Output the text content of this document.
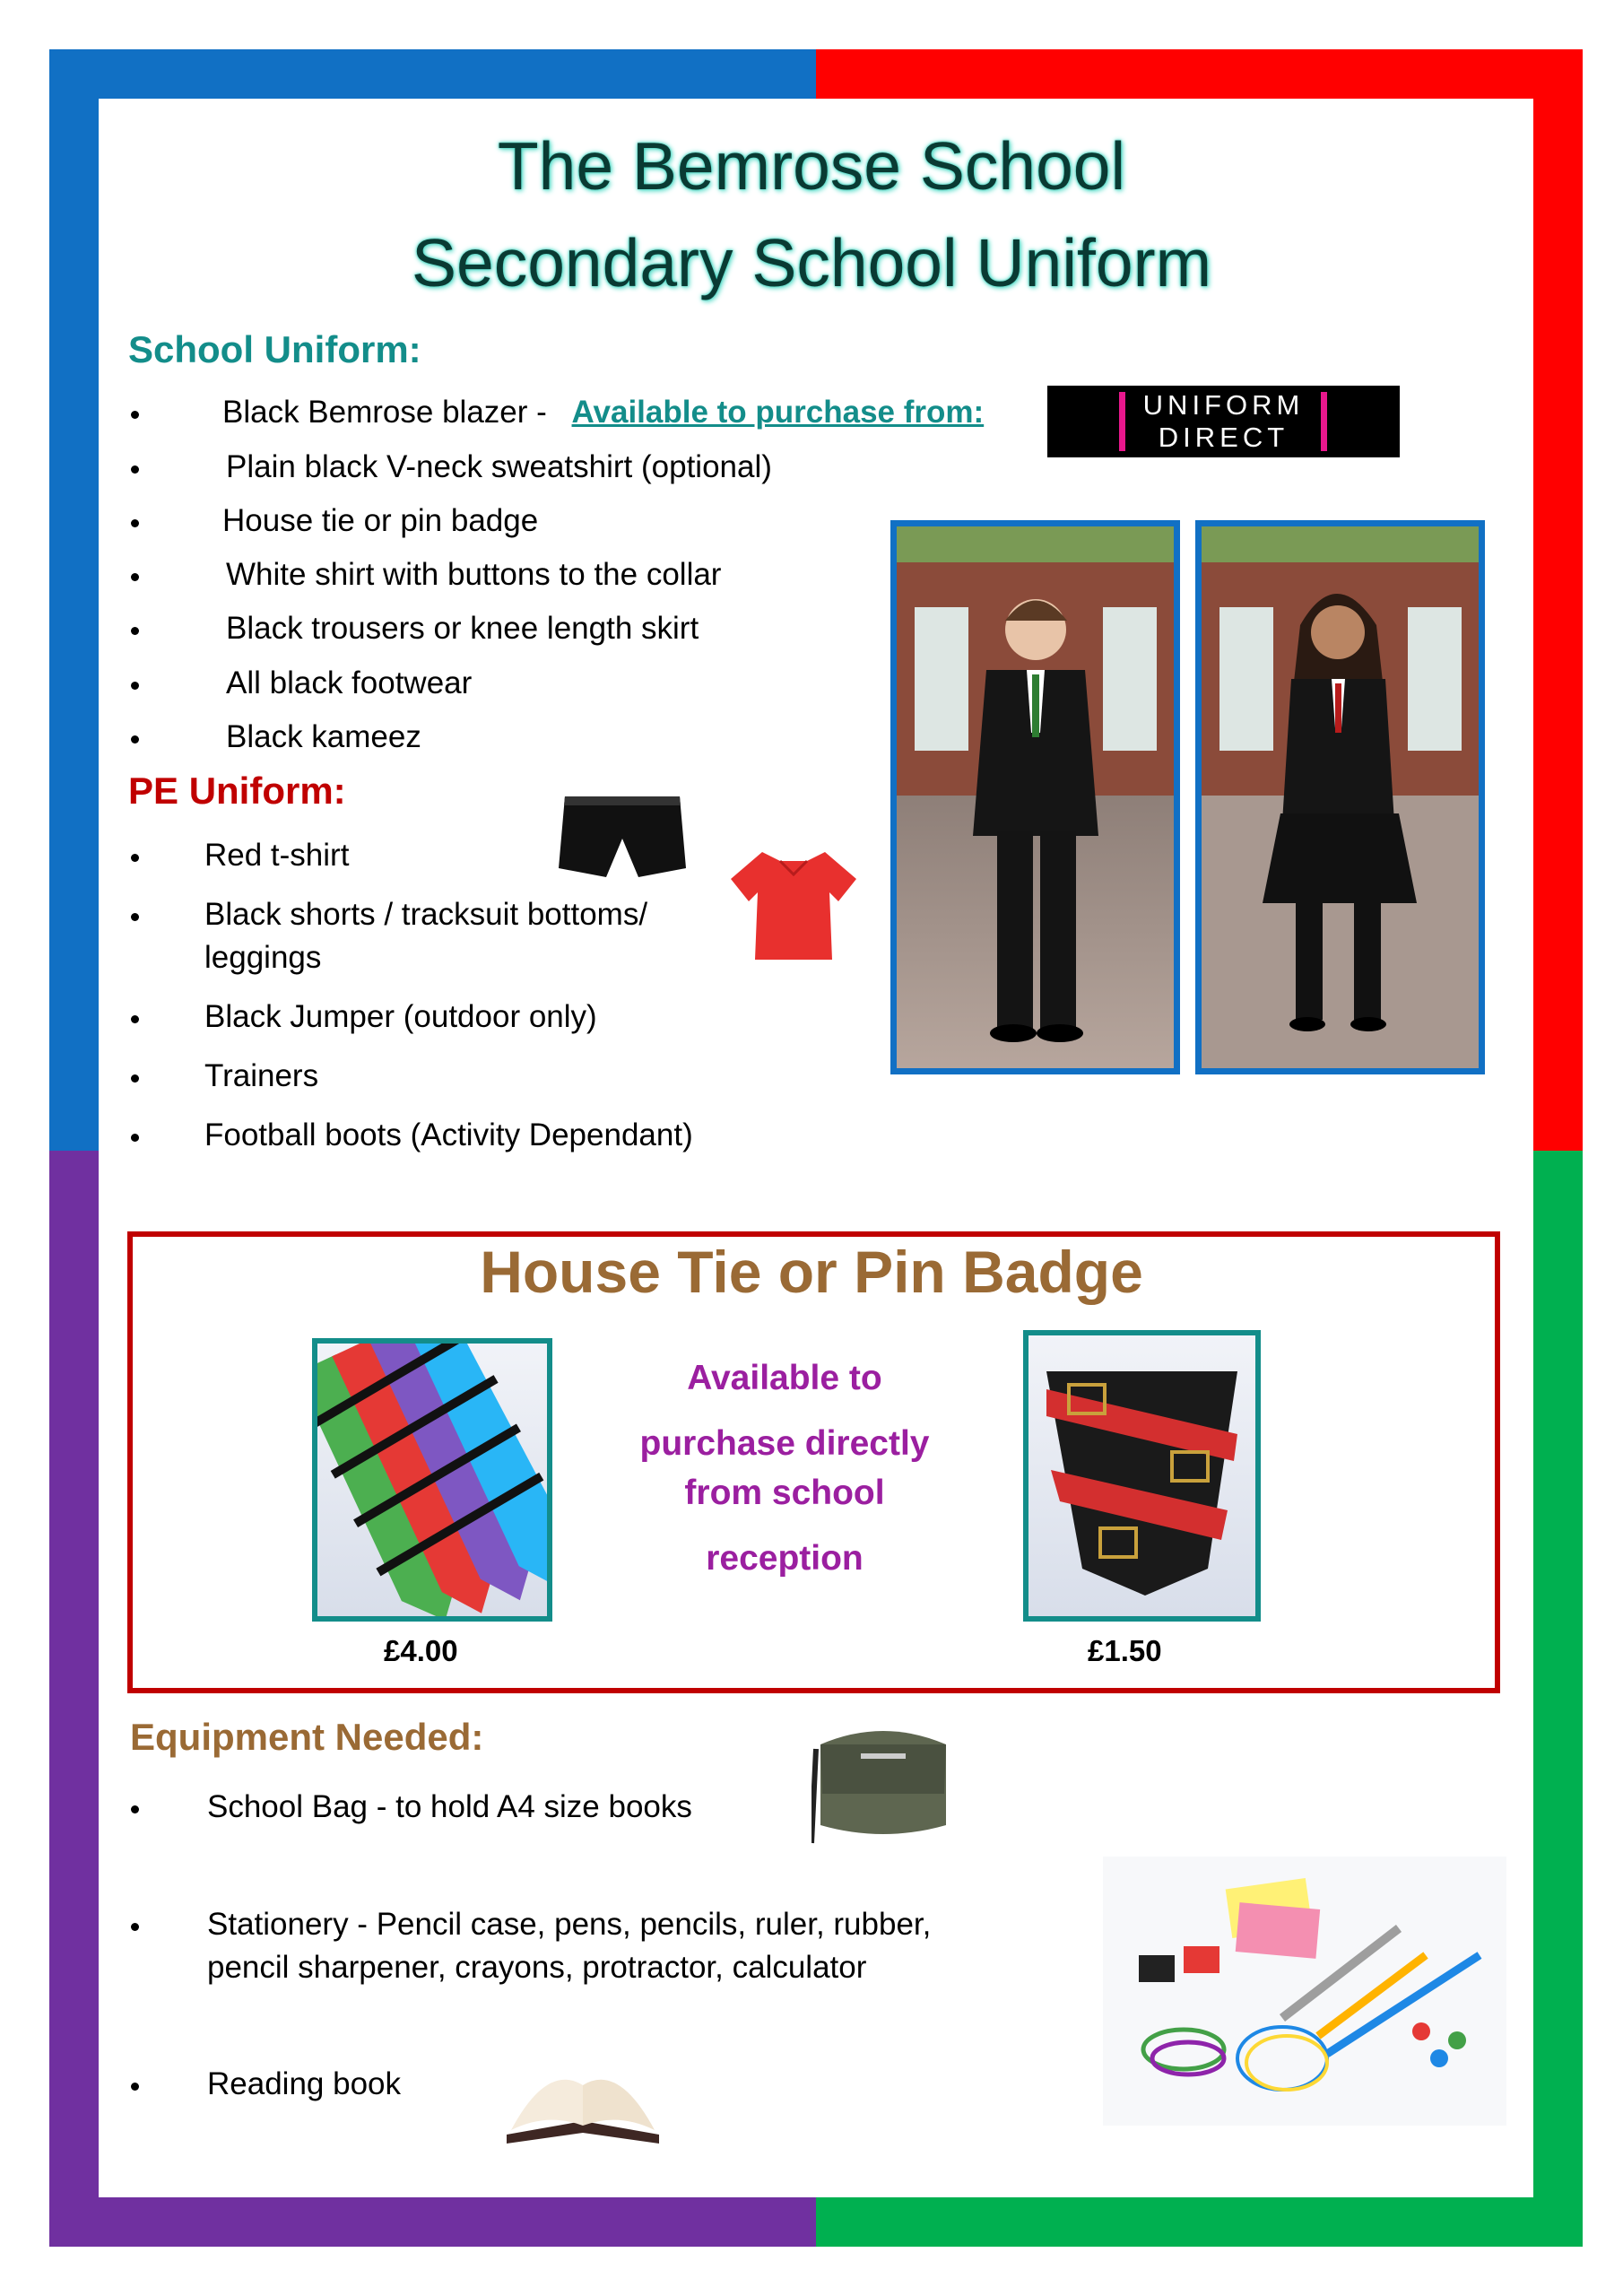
The Bemrose School
Secondary School Uniform
School Uniform:
Black Bemrose blazer - Available to purchase from:
Plain black V-neck sweatshirt (optional)
House tie or pin badge
White shirt with buttons to the collar
Black trousers or knee length skirt
All black footwear
Black kameez
UNIFORM
DIRECT
PE Uniform:
Red t-shirt
Black shorts / tracksuit bottoms/
leggings
Black Jumper (outdoor only)
Trainers
Football boots (Activity Dependant)
House Tie or Pin Badge
Available to
purchase directly
from school
reception
£4.00	£1.50
Equipment Needed:
School Bag - to hold A4 size books
Stationery - Pencil case, pens, pencils, ruler, rubber,
pencil sharpener, crayons, protractor, calculator
Reading book
